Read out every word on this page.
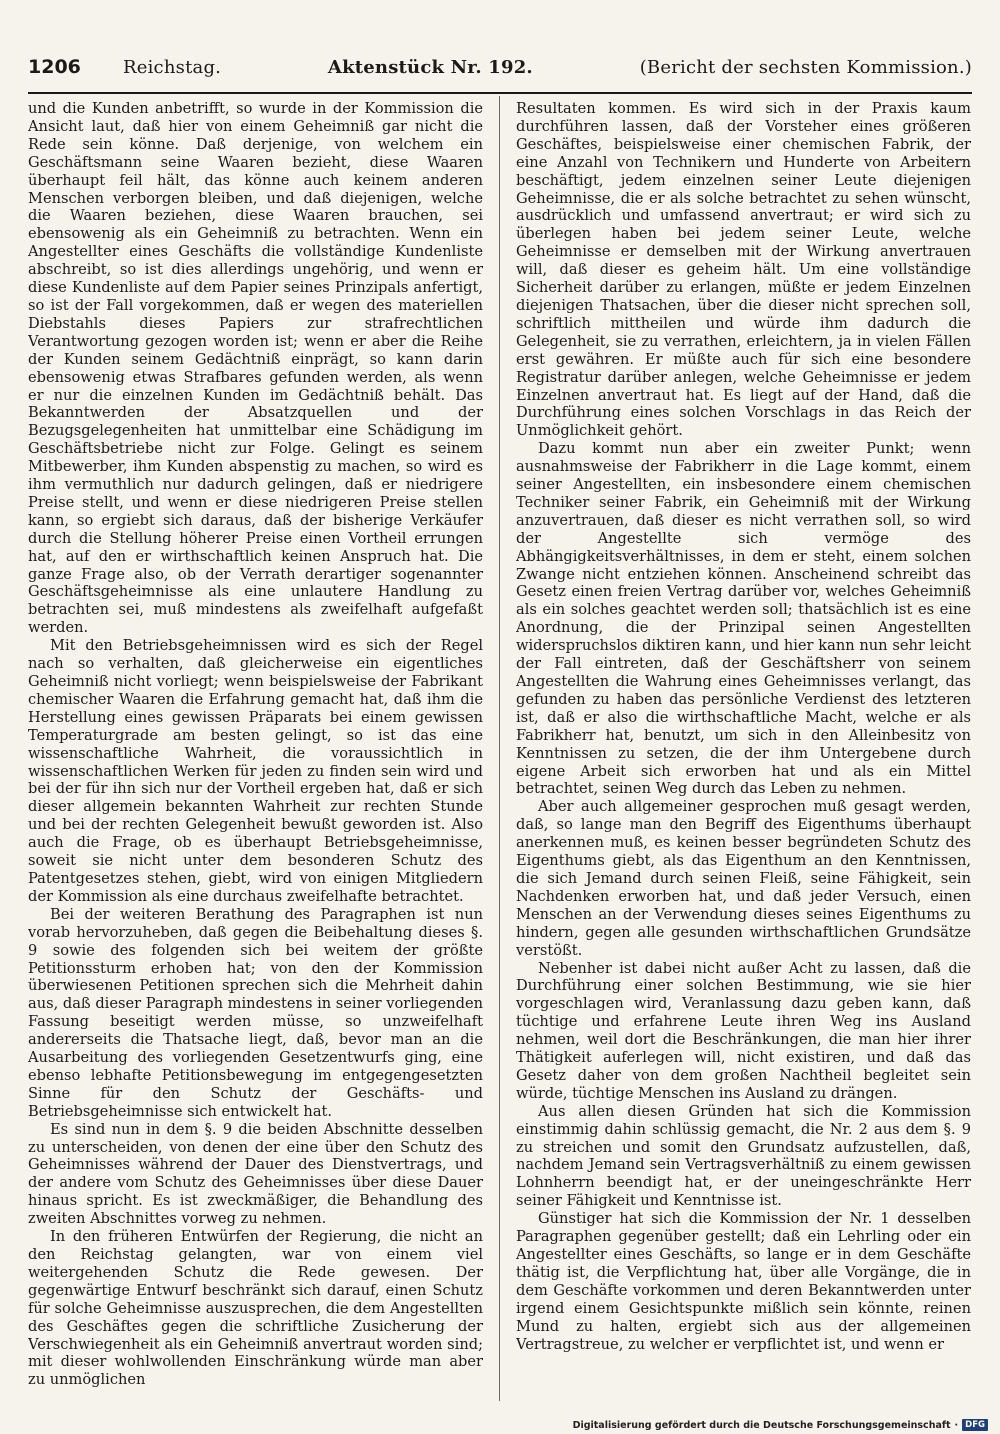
1206	Reichstag.	Aktenstück Nr. 192.	(Bericht der sechsten Kommission.)

und die Kunden anbetrifft, so wurde in der Kommission die Ansicht laut, daß hier von einem Geheimniß gar nicht die Rede sein könne. Daß derjenige, von welchem ein Geschäftsmann seine Waaren bezieht, diese Waaren überhaupt feil hält, das könne auch keinem anderen Menschen verborgen bleiben, und daß diejenigen, welche die Waaren beziehen, diese Waaren brauchen, sei ebensowenig als ein Geheimniß zu betrachten. Wenn ein Angestellter eines Geschäfts die vollständige Kundenliste abschreibt, so ist dies allerdings ungehörig, und wenn er diese Kundenliste auf dem Papier seines Prinzipals anfertigt, so ist der Fall vorgekommen, daß er wegen des materiellen Diebstahls dieses Papiers zur strafrechtlichen Verantwortung gezogen worden ist; wenn er aber die Reihe der Kunden seinem Gedächtniß einprägt, so kann darin ebensowenig etwas Strafbares gefunden werden, als wenn er nur die einzelnen Kunden im Gedächtniß behält. Das Bekanntwerden der Absatzquellen und der Bezugsgelegenheiten hat unmittelbar eine Schädigung im Geschäftsbetriebe nicht zur Folge. Gelingt es seinem Mitbewerber, ihm Kunden abspenstig zu machen, so wird es ihm vermuthlich nur dadurch gelingen, daß er niedrigere Preise stellt, und wenn er diese niedrigeren Preise stellen kann, so ergiebt sich daraus, daß der bisherige Verkäufer durch die Stellung höherer Preise einen Vortheil errungen hat, auf den er wirthschaftlich keinen Anspruch hat. Die ganze Frage also, ob der Verrath derartiger sogenannter Geschäftsgeheimnisse als eine unlautere Handlung zu betrachten sei, muß mindestens als zweifelhaft aufgefaßt werden.

Mit den Betriebsgeheimnissen wird es sich der Regel nach so verhalten, daß gleicherweise ein eigentliches Geheimniß nicht vorliegt; wenn beispielsweise der Fabrikant chemischer Waaren die Erfahrung gemacht hat, daß ihm die Herstellung eines gewissen Präparats bei einem gewissen Temperaturgrade am besten gelingt, so ist das eine wissenschaftliche Wahrheit, die voraussichtlich in wissenschaftlichen Werken für jeden zu finden sein wird und bei der für ihn sich nur der Vortheil ergeben hat, daß er sich dieser allgemein bekannten Wahrheit zur rechten Stunde und bei der rechten Gelegenheit bewußt geworden ist. Also auch die Frage, ob es überhaupt Betriebsgeheimnisse, soweit sie nicht unter dem besonderen Schutz des Patentgesetzes stehen, giebt, wird von einigen Mitgliedern der Kommission als eine durchaus zweifelhafte betrachtet.

Bei der weiteren Berathung des Paragraphen ist nun vorab hervorzuheben, daß gegen die Beibehaltung dieses §. 9 sowie des folgenden sich bei weitem der größte Petitionssturm erhoben hat; von den der Kommission überwiesenen Petitionen sprechen sich die Mehrheit dahin aus, daß dieser Paragraph mindestens in seiner vorliegenden Fassung beseitigt werden müsse, so unzweifelhaft andererseits die Thatsache liegt, daß, bevor man an die Ausarbeitung des vorliegenden Gesetzentwurfs ging, eine ebenso lebhafte Petitionsbewegung im entgegengesetzten Sinne für den Schutz der Geschäfts- und Betriebsgeheimnisse sich entwickelt hat.

Es sind nun in dem §. 9 die beiden Abschnitte desselben zu unterscheiden, von denen der eine über den Schutz des Geheimnisses während der Dauer des Dienstvertrags, und der andere vom Schutz des Geheimnisses über diese Dauer hinaus spricht. Es ist zweckmäßiger, die Behandlung des zweiten Abschnittes vorweg zu nehmen.

In den früheren Entwürfen der Regierung, die nicht an den Reichstag gelangten, war von einem viel weitergehenden Schutz die Rede gewesen. Der gegenwärtige Entwurf beschränkt sich darauf, einen Schutz für solche Geheimnisse auszusprechen, die dem Angestellten des Geschäftes gegen die schriftliche Zusicherung der Verschwiegenheit als ein Geheimniß anvertraut worden sind; mit dieser wohlwollenden Einschränkung würde man aber zu unmöglichen

Resultaten kommen. Es wird sich in der Praxis kaum durchführen lassen, daß der Vorsteher eines größeren Geschäftes, beispielsweise einer chemischen Fabrik, der eine Anzahl von Technikern und Hunderte von Arbeitern beschäftigt, jedem einzelnen seiner Leute diejenigen Geheimnisse, die er als solche betrachtet zu sehen wünscht, ausdrücklich und umfassend anvertraut; er wird sich zu überlegen haben bei jedem seiner Leute, welche Geheimnisse er demselben mit der Wirkung anvertrauen will, daß dieser es geheim hält. Um eine vollständige Sicherheit darüber zu erlangen, müßte er jedem Einzelnen diejenigen Thatsachen, über die dieser nicht sprechen soll, schriftlich mittheilen und würde ihm dadurch die Gelegenheit, sie zu verrathen, erleichtern, ja in vielen Fällen erst gewähren. Er müßte auch für sich eine besondere Registratur darüber anlegen, welche Geheimnisse er jedem Einzelnen anvertraut hat. Es liegt auf der Hand, daß die Durchführung eines solchen Vorschlags in das Reich der Unmöglichkeit gehört.

Dazu kommt nun aber ein zweiter Punkt; wenn ausnahmsweise der Fabrikherr in die Lage kommt, einem seiner Angestellten, ein insbesondere einem chemischen Techniker seiner Fabrik, ein Geheimniß mit der Wirkung anzuvertrauen, daß dieser es nicht verrathen soll, so wird der Angestellte sich vermöge des Abhängigkeitsverhältnisses, in dem er steht, einem solchen Zwange nicht entziehen können. Anscheinend schreibt das Gesetz einen freien Vertrag darüber vor, welches Geheimniß als ein solches geachtet werden soll; thatsächlich ist es eine Anordnung, die der Prinzipal seinen Angestellten widerspruchslos diktiren kann, und hier kann nun sehr leicht der Fall eintreten, daß der Geschäftsherr von seinem Angestellten die Wahrung eines Geheimnisses verlangt, das gefunden zu haben das persönliche Verdienst des letzteren ist, daß er also die wirthschaftliche Macht, welche er als Fabrikherr hat, benutzt, um sich in den Alleinbesitz von Kenntnissen zu setzen, die der ihm Untergebene durch eigene Arbeit sich erworben hat und als ein Mittel betrachtet, seinen Weg durch das Leben zu nehmen.

Aber auch allgemeiner gesprochen muß gesagt werden, daß, so lange man den Begriff des Eigenthums überhaupt anerkennen muß, es keinen besser begründeten Schutz des Eigenthums giebt, als das Eigenthum an den Kenntnissen, die sich Jemand durch seinen Fleiß, seine Fähigkeit, sein Nachdenken erworben hat, und daß jeder Versuch, einen Menschen an der Verwendung dieses seines Eigenthums zu hindern, gegen alle gesunden wirthschaftlichen Grundsätze verstößt.

Nebenher ist dabei nicht außer Acht zu lassen, daß die Durchführung einer solchen Bestimmung, wie sie hier vorgeschlagen wird, Veranlassung dazu geben kann, daß tüchtige und erfahrene Leute ihren Weg ins Ausland nehmen, weil dort die Beschränkungen, die man hier ihrer Thätigkeit auferlegen will, nicht existiren, und daß das Gesetz daher von dem großen Nachtheil begleitet sein würde, tüchtige Menschen ins Ausland zu drängen.

Aus allen diesen Gründen hat sich die Kommission einstimmig dahin schlüssig gemacht, die Nr. 2 aus dem §. 9 zu streichen und somit den Grundsatz aufzustellen, daß, nachdem Jemand sein Vertragsverhältniß zu einem gewissen Lohnherrn beendigt hat, er der uneingeschränkte Herr seiner Fähigkeit und Kenntnisse ist.

Günstiger hat sich die Kommission der Nr. 1 desselben Paragraphen gegenüber gestellt; daß ein Lehrling oder ein Angestellter eines Geschäfts, so lange er in dem Geschäfte thätig ist, die Verpflichtung hat, über alle Vorgänge, die in dem Geschäfte vorkommen und deren Bekanntwerden unter irgend einem Gesichtspunkte mißlich sein könnte, reinen Mund zu halten, ergiebt sich aus der allgemeinen Vertragstreue, zu welcher er verpflichtet ist, und wenn er

Digitalisierung gefördert durch die Deutsche Forschungsgemeinschaft · DFG
